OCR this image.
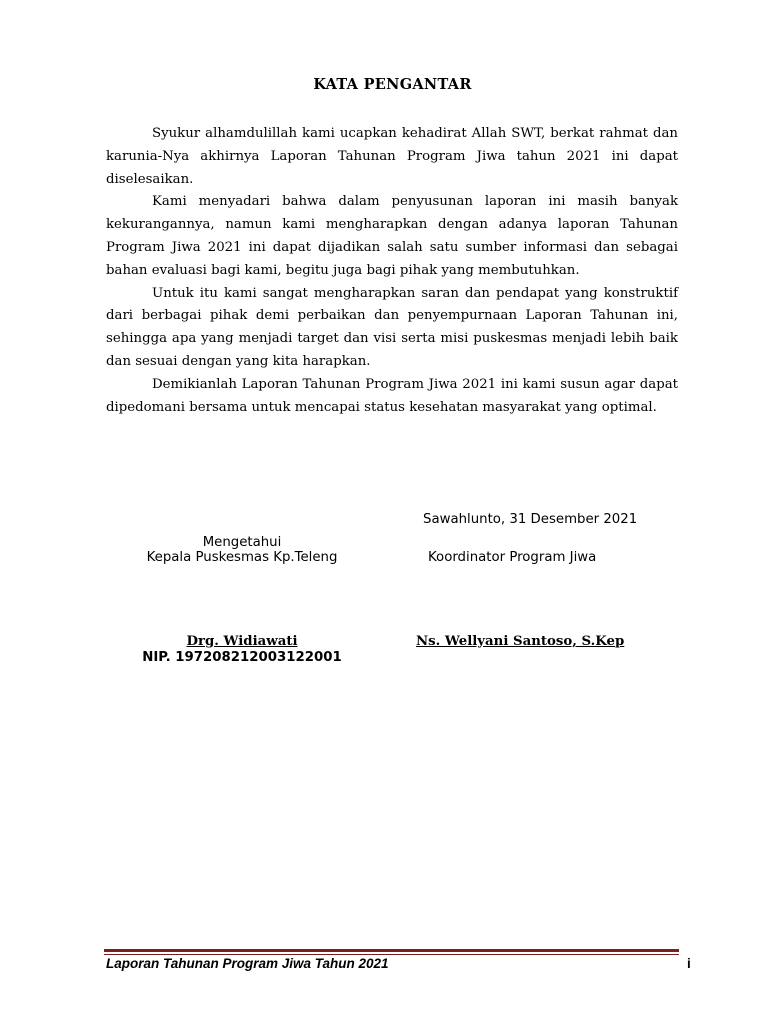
KATA PENGANTAR

Syukur alhamdulillah kami ucapkan kehadirat Allah SWT, berkat rahmat dan karunia-Nya akhirnya Laporan Tahunan Program Jiwa tahun 2021 ini dapat diselesaikan.

Kami menyadari bahwa dalam penyusunan laporan ini masih banyak kekurangannya, namun kami mengharapkan dengan adanya laporan Tahunan Program Jiwa 2021 ini dapat dijadikan salah satu sumber informasi dan sebagai bahan evaluasi bagi kami, begitu juga bagi pihak yang membutuhkan.

Untuk itu kami sangat mengharapkan saran dan pendapat yang konstruktif dari berbagai pihak demi perbaikan dan penyempurnaan Laporan Tahunan ini, sehingga apa yang menjadi target dan visi serta misi puskesmas menjadi lebih baik dan sesuai dengan yang kita harapkan.

Demikianlah Laporan Tahunan Program Jiwa 2021 ini kami susun agar dapat dipedomani bersama untuk mencapai status kesehatan masyarakat yang optimal.

Sawahlunto, 31 Desember 2021
Mengetahui
Kepala Puskesmas Kp.Teleng	Koordinator Program Jiwa
Drg. Widiawati
NIP. 197208212003122001
Ns. Wellyani Santoso, S.Kep
Laporan Tahunan Program Jiwa Tahun 2021	i
